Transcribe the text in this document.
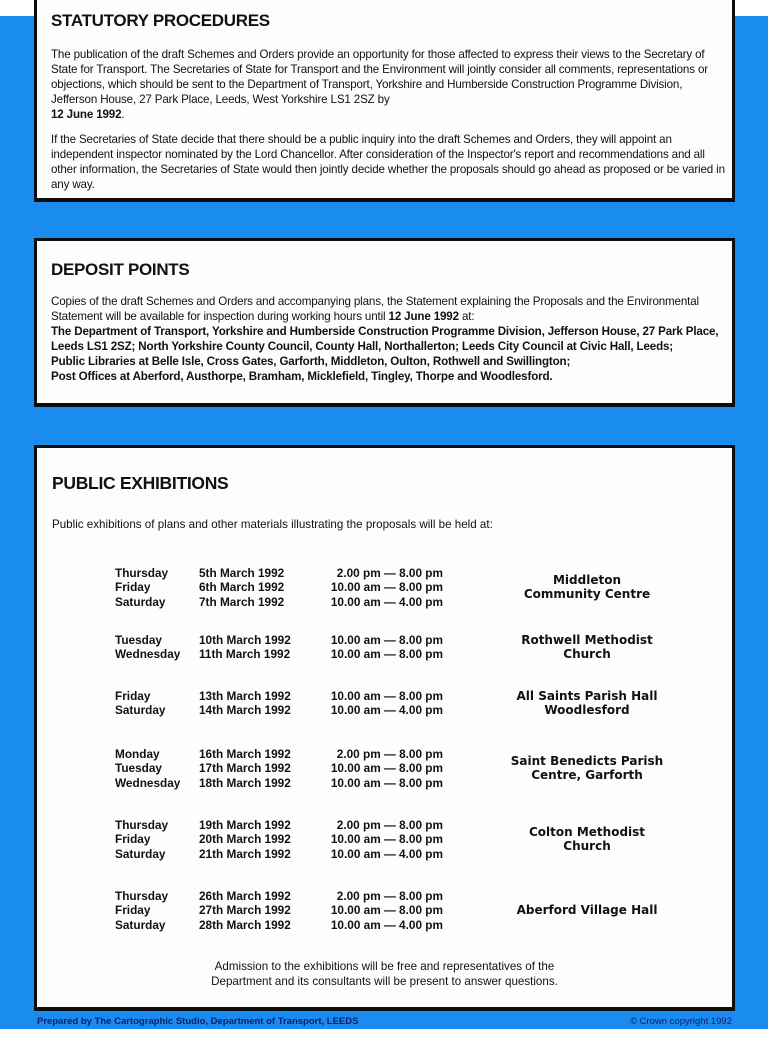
STATUTORY PROCEDURES

The publication of the draft Schemes and Orders provide an opportunity for those affected to express their views to the Secretary of State for Transport. The Secretaries of State for Transport and the Environment will jointly consider all comments, representations or objections, which should be sent to the Department of Transport, Yorkshire and Humberside Construction Programme Division, Jefferson House, 27 Park Place, Leeds, West Yorkshire LS1 2SZ by
12 June 1992.

If the Secretaries of State decide that there should be a public inquiry into the draft Schemes and Orders, they will appoint an independent inspector nominated by the Lord Chancellor. After consideration of the Inspector's report and recommendations and all other information, the Secretaries of State would then jointly decide whether the proposals should go ahead as proposed or be varied in any way.

DEPOSIT POINTS

Copies of the draft Schemes and Orders and accompanying plans, the Statement explaining the Proposals and the Environmental Statement will be available for inspection during working hours until 12 June 1992 at:
The Department of Transport, Yorkshire and Humberside Construction Programme Division, Jefferson House, 27 Park Place, Leeds LS1 2SZ; North Yorkshire County Council, County Hall, Northallerton; Leeds City Council at Civic Hall, Leeds;
Public Libraries at Belle Isle, Cross Gates, Garforth, Middleton, Oulton, Rothwell and Swillington;
Post Offices at Aberford, Austhorpe, Bramham, Micklefield, Tingley, Thorpe and Woodlesford.

PUBLIC EXHIBITIONS
Public exhibitions of plans and other materials illustrating the proposals will be held at:
Thursday	5th March 1992	2.00 pm — 8.00 pm
Friday	6th March 1992	10.00 am — 8.00 pm
Saturday	7th March 1992	10.00 am — 4.00 pm
Middleton
Community Centre
Tuesday	10th March 1992	10.00 am — 8.00 pm
Wednesday 11th March 1992	10.00 am — 8.00 pm
Rothwell Methodist
Church
Friday	13th March 1992	10.00 am — 8.00 pm
Saturday	14th March 1992	10.00 am — 4.00 pm
All Saints Parish Hall
Woodlesford
Monday	16th March 1992	2.00 pm — 8.00 pm
Tuesday	17th March 1992	10.00 am — 8.00 pm
Wednesday 18th March 1992	10.00 am — 8.00 pm
Saint Benedicts Parish
Centre, Garforth
Thursday	19th March 1992	2.00 pm — 8.00 pm
Friday	20th March 1992	10.00 am — 8.00 pm
Saturday	21th March 1992	10.00 am — 4.00 pm
Colton Methodist
Church
Thursday	26th March 1992	2.00 pm — 8.00 pm
Friday	27th March 1992	10.00 am — 8.00 pm
Saturday	28th March 1992	10.00 am — 4.00 pm
Aberford Village Hall
Admission to the exhibitions will be free and representatives of the
Department and its consultants will be present to answer questions.
Prepared by The Cartographic Studio, Department of Transport, LEEDS	© Crown copyright 1992
